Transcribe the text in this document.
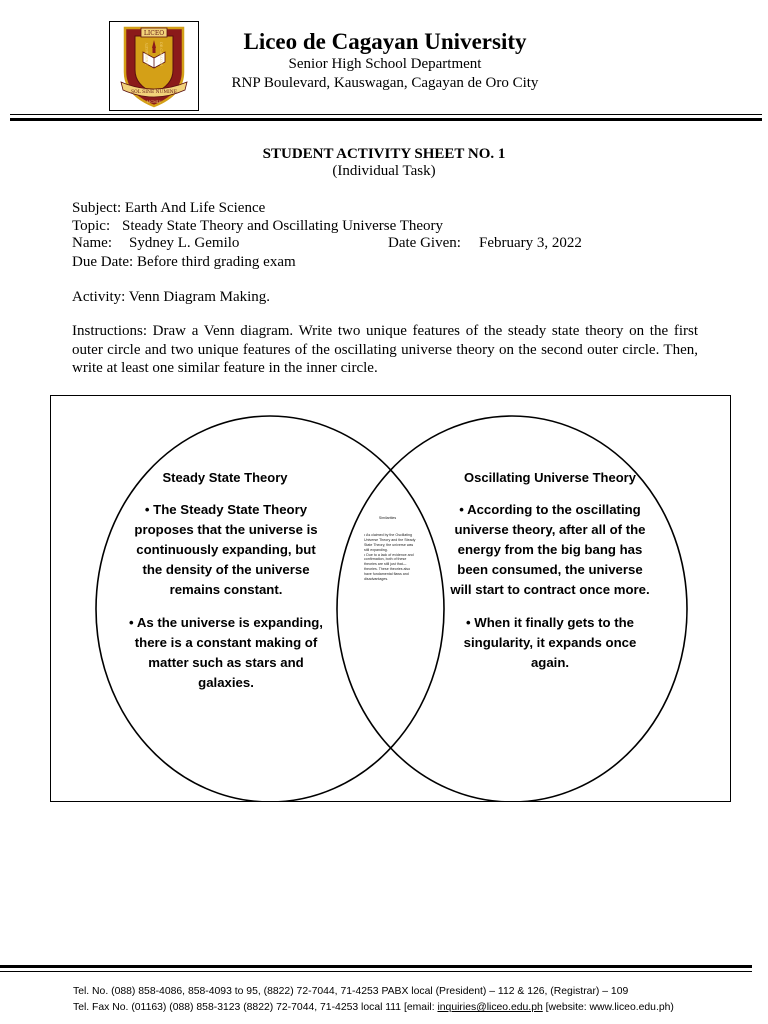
LICEO
SOL SINE NUMINE
MCMLV
UNIVERSITY	DE CAGAYAN	Liceo de Cagayan University
Senior High School Department
RNP Boulevard, Kauswagan, Cagayan de Oro City
STUDENT ACTIVITY SHEET NO. 1
(Individual Task)
Subject: Earth And Life Science
Topic: Steady State Theory and Oscillating Universe Theory
Name: Sydney L. Gemilo	Date Given: February 3, 2022
Due Date: Before third grading exam
Activity: Venn Diagram Making.
Instructions: Draw a Venn diagram. Write two unique features of the steady state theory on the first outer circle and two unique features of the oscillating universe theory on the second outer circle. Then, write at least one similar feature in the inner circle.
Steady State Theory
• The Steady State Theory proposes that the universe is continuously expanding, but the density of the universe remains constant.
• As the universe is expanding, there is a constant making of matter such as stars and galaxies.
Oscillating Universe Theory
• According to the oscillating universe theory, after all of the energy from the big bang has been consumed, the universe will start to contract once more.
• When it finally gets to the singularity, it expands once again.
Similarities
• As claimed by the Oscillating Universe Theory and the Steady State Theory, the universe was still expanding.
• Due to a lack of evidence and confirmation, both of these theories are still just that—theories. These theories also have fundamental flaws and disadvantages.
Tel. No. (088) 858-4086, 858-4093 to 95, (8822) 72-7044, 71-4253 PABX local (President) – 112 & 126, (Registrar) – 109
Tel. Fax No. (01163) (088) 858-3123 (8822) 72-7044, 71-4253 local 111 [email: inquiries@liceo.edu.ph [website: www.liceo.edu.ph)
